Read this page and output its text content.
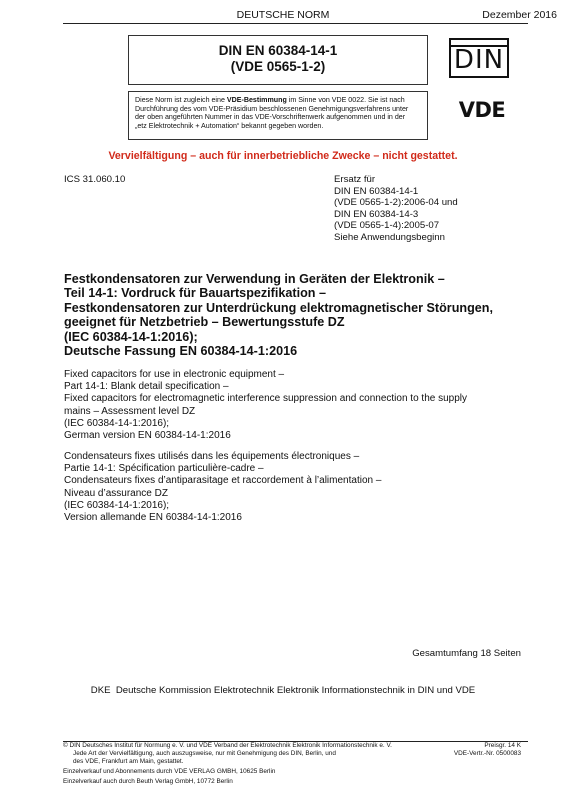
DEUTSCHE NORM	Dezember 2016
DIN EN 60384-14-1
(VDE 0565-1-2)	DIN
Diese Norm ist zugleich eine VDE-Bestimmung im Sinne von VDE 0022. Sie ist nach
Durchführung des vom VDE-Präsidium beschlossenen Genehmigungsverfahrens unter
der oben angeführten Nummer in das VDE-Vorschriftenwerk aufgenommen und in der
„etz Elektrotechnik + Automation“ bekannt gegeben worden.
VDE
Vervielfältigung – auch für innerbetriebliche Zwecke – nicht gestattet.
ICS 31.060.10	Ersatz für
DIN EN 60384-14-1
(VDE 0565-1-2):2006-04 und
DIN EN 60384-14-3
(VDE 0565-1-4):2005-07
Siehe Anwendungsbeginn
Festkondensatoren zur Verwendung in Geräten der Elektronik –
Teil 14-1: Vordruck für Bauartspezifikation –
Festkondensatoren zur Unterdrückung elektromagnetischer Störungen,
geeignet für Netzbetrieb – Bewertungsstufe DZ
(IEC 60384-14-1:2016);
Deutsche Fassung EN 60384-14-1:2016
Fixed capacitors for use in electronic equipment –
Part 14-1: Blank detail specification –
Fixed capacitors for electromagnetic interference suppression and connection to the supply
mains – Assessment level DZ
(IEC 60384-14-1:2016);
German version EN 60384-14-1:2016
Condensateurs fixes utilisés dans les équipements électroniques –
Partie 14-1: Spécification particulière-cadre –
Condensateurs fixes d’antiparasitage et raccordement à l’alimentation –
Niveau d’assurance DZ
(IEC 60384-14-1:2016);
Version allemande EN 60384-14-1:2016
Gesamtumfang 18 Seiten
DKE  Deutsche Kommission Elektrotechnik Elektronik Informationstechnik in DIN und VDE
© DIN Deutsches Institut für Normung e. V. und VDE Verband der Elektrotechnik Elektronik Informationstechnik e. V.
Jede Art der Vervielfältigung, auch auszugsweise, nur mit Genehmigung des DIN, Berlin, und
des VDE, Frankfurt am Main, gestattet.
Einzelverkauf und Abonnements durch VDE VERLAG GMBH, 10625 Berlin
Einzelverkauf auch durch Beuth Verlag GmbH, 10772 Berlin
Preisgr. 14 K
VDE-Vertr.-Nr. 0500083
